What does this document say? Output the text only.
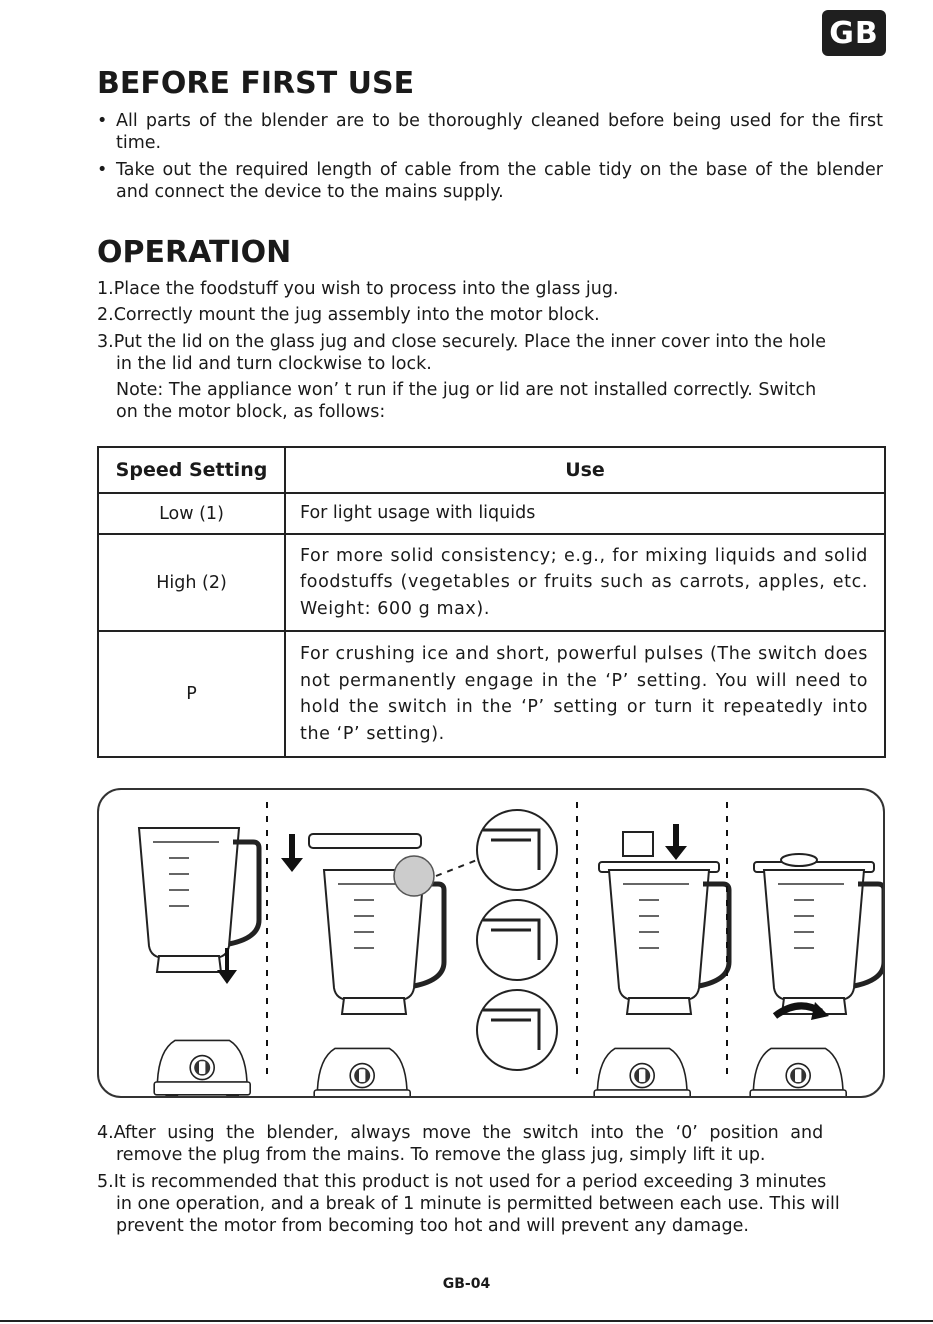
GB
BEFORE FIRST USE
• All parts of the blender are to be thoroughly cleaned before being used for the first time.
• Take out the required length of cable from the cable tidy on the base of the blender and connect the device to the mains supply.
OPERATION
1.Place the foodstuff you wish to process into the glass jug.
2.Correctly mount the jug assembly into the motor block.
3.Put the lid on the glass jug and close securely. Place the inner cover into the hole
in the lid and turn clockwise to lock.
Note: The appliance won’ t run if the jug or lid are not installed correctly. Switch
on the motor block, as follows:
Speed Setting	Use
Low (1)	For light usage with liquids
High (2)	For more solid consistency; e.g., for mixing liquids and solid foodstuffs (vegetables or fruits such as carrots, apples, etc. Weight: 600 g max).
P	For crushing ice and short, powerful pulses (The switch does not permanently engage in the ‘P’ setting. You will need to hold the switch in the ‘P’ setting or turn it repeatedly into the ‘P’ setting).
4.After using the blender, always move the switch into the ‘0’ position and
remove the plug from the mains. To remove the glass jug, simply lift it up.
5.It is recommended that this product is not used for a period exceeding 3 minutes
in one operation, and a break of 1 minute is permitted between each use. This will
prevent the motor from becoming too hot and will prevent any damage.
GB-04
